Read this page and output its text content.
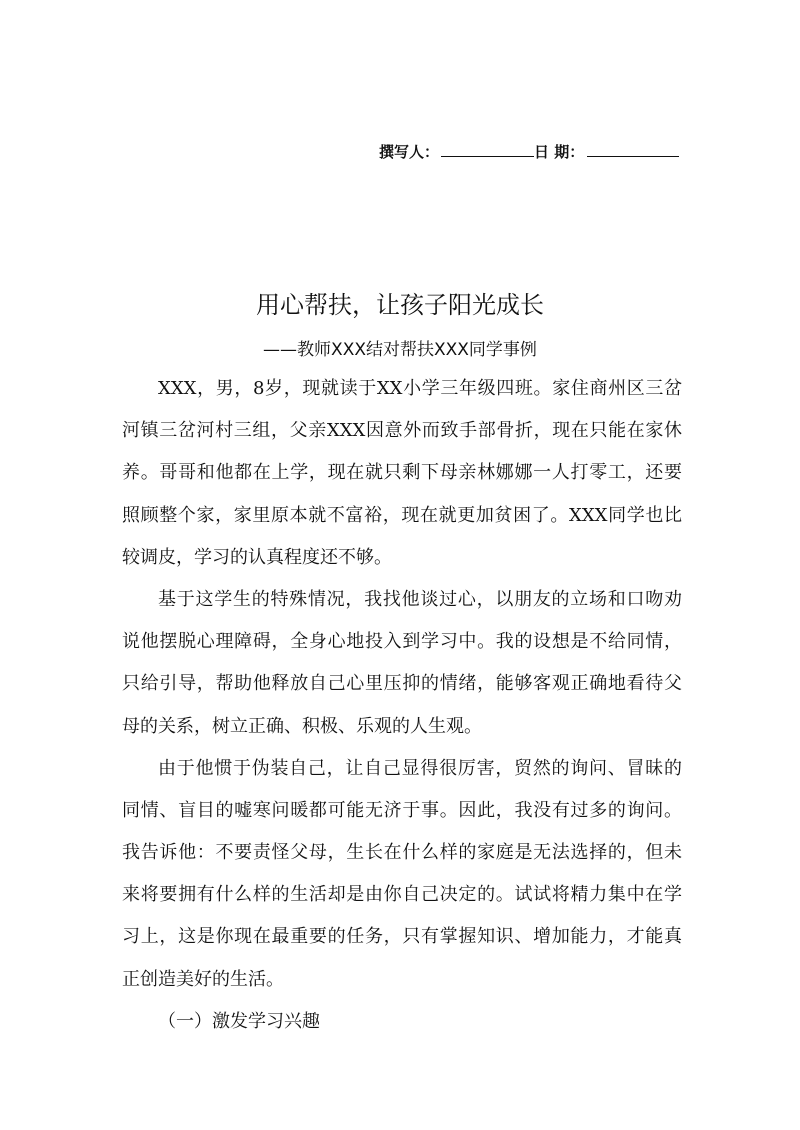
撰写人：	日 期：
用心帮扶，让孩子阳光成长
——教师XXX结对帮扶XXX同学事例
XXX，男，8岁，现就读于XX小学三年级四班。家住商州区三岔
河镇三岔河村三组，父亲XXX因意外而致手部骨折，现在只能在家休
养。哥哥和他都在上学，现在就只剩下母亲林娜娜一人打零工，还要
照顾整个家，家里原本就不富裕，现在就更加贫困了。XXX同学也比
较调皮，学习的认真程度还不够。
基于这学生的特殊情况，我找他谈过心，以朋友的立场和口吻劝
说他摆脱心理障碍，全身心地投入到学习中。我的设想是不给同情，
只给引导，帮助他释放自己心里压抑的情绪，能够客观正确地看待父
母的关系，树立正确、积极、乐观的人生观。
由于他惯于伪装自己，让自己显得很厉害，贸然的询问、冒昧的
同情、盲目的嘘寒问暖都可能无济于事。因此，我没有过多的询问。
我告诉他：不要责怪父母，生长在什么样的家庭是无法选择的，但未
来将要拥有什么样的生活却是由你自己决定的。试试将精力集中在学
习上，这是你现在最重要的任务，只有掌握知识、增加能力，才能真
正创造美好的生活。
（一）激发学习兴趣
